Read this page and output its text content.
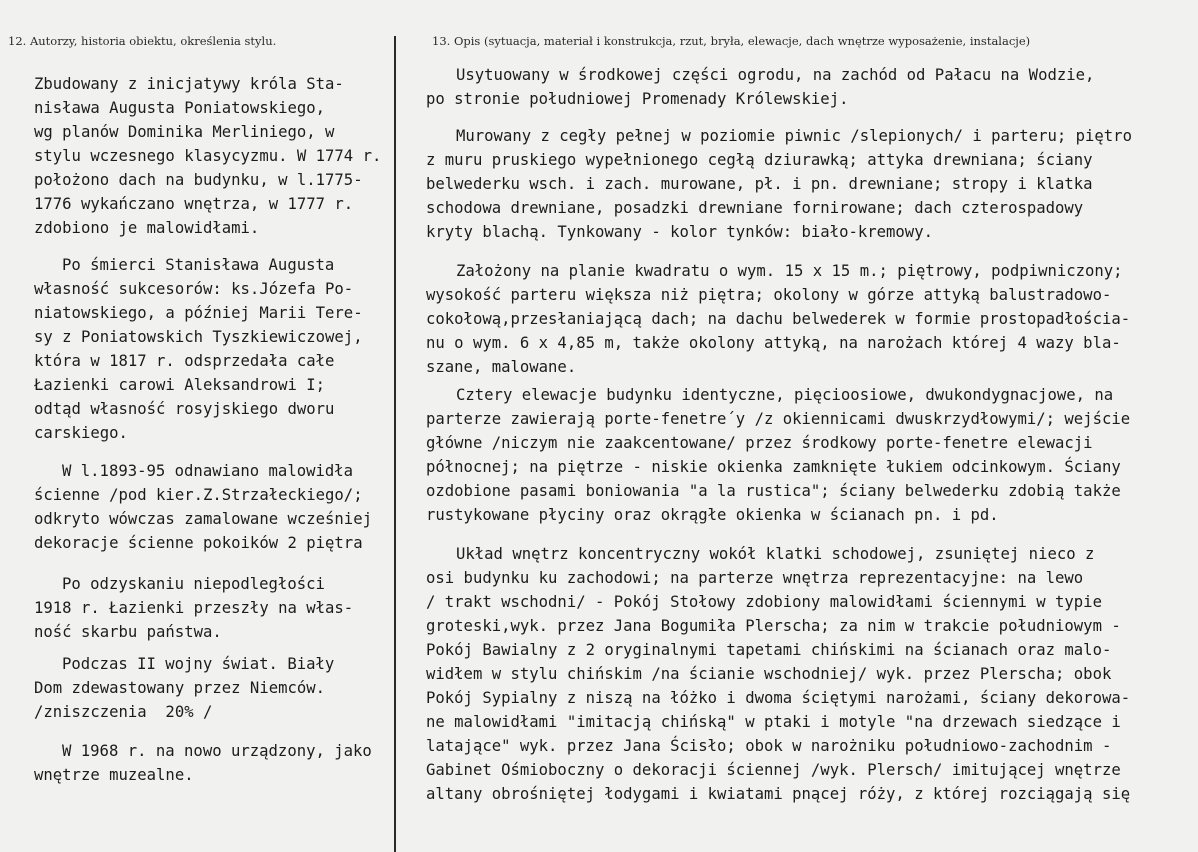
12. Autorzy, historia obiektu, określenia stylu.	13. Opis (sytuacja, materiał i konstrukcja, rzut, bryła, elewacje, dach wnętrze wyposażenie, instalacje)
Zbudowany z inicjatywy króla Sta-
nisława Augusta Poniatowskiego,
wg planów Dominika Merliniego, w
stylu wczesnego klasycyzmu. W 1774 r.
położono dach na budynku, w l.1775-
1776 wykańczano wnętrza, w 1777 r.
zdobiono je malowidłami.
Po śmierci Stanisława Augusta
własność sukcesorów: ks.Józefa Po-
niatowskiego, a później Marii Tere-
sy z Poniatowskich Tyszkiewiczowej,
która w 1817 r. odsprzedała całe
Łazienki carowi Aleksandrowi I;
odtąd własność rosyjskiego dworu
carskiego.
W l.1893-95 odnawiano malowidła
ścienne /pod kier.Z.Strzałeckiego/;
odkryto wówczas zamalowane wcześniej
dekoracje ścienne pokoików 2 piętra
Po odzyskaniu niepodległości
1918 r. Łazienki przeszły na włas-
ność skarbu państwa.
Podczas II wojny świat. Biały
Dom zdewastowany przez Niemców.
/zniszczenia  20% /
W 1968 r. na nowo urządzony, jako
wnętrze muzealne.
Usytuowany w środkowej części ogrodu, na zachód od Pałacu na Wodzie,
po stronie południowej Promenady Królewskiej.
Murowany z cegły pełnej w poziomie piwnic /slepionych/ i parteru; piętro
z muru pruskiego wypełnionego cegłą dziurawką; attyka drewniana; ściany
belwederku wsch. i zach. murowane, pł. i pn. drewniane; stropy i klatka
schodowa drewniane, posadzki drewniane fornirowane; dach czterospadowy
kryty blachą. Tynkowany - kolor tynków: biało-kremowy.
Założony na planie kwadratu o wym. 15 x 15 m.; piętrowy, podpiwniczony;
wysokość parteru większa niż piętra; okolony w górze attyką balustradowo-
cokołową,przesłaniającą dach; na dachu belwederek w formie prostopadłościa-
nu o wym. 6 x 4,85 m, także okolony attyką, na narożach której 4 wazy bla-
szane, malowane.
Cztery elewacje budynku identyczne, pięcioosiowe, dwukondygnacjowe, na
parterze zawierają porte-fenetre´y /z okiennicami dwuskrzydłowymi/; wejście
główne /niczym nie zaakcentowane/ przez środkowy porte-fenetre elewacji
północnej; na piętrze - niskie okienka zamknięte łukiem odcinkowym. Ściany
ozdobione pasami boniowania "a la rustica"; ściany belwederku zdobią także
rustykowane płyciny oraz okrągłe okienka w ścianach pn. i pd.
Układ wnętrz koncentryczny wokół klatki schodowej, zsuniętej nieco z
osi budynku ku zachodowi; na parterze wnętrza reprezentacyjne: na lewo
/ trakt wschodni/ - Pokój Stołowy zdobiony malowidłami ściennymi w typie
groteski,wyk. przez Jana Bogumiła Plerscha; za nim w trakcie południowym -
Pokój Bawialny z 2 oryginalnymi tapetami chińskimi na ścianach oraz malo-
widłem w stylu chińskim /na ścianie wschodniej/ wyk. przez Plerscha; obok
Pokój Sypialny z niszą na łóżko i dwoma ściętymi narożami, ściany dekorowa-
ne malowidłami "imitacją chińską" w ptaki i motyle "na drzewach siedzące i
latające" wyk. przez Jana Ścisło; obok w narożniku południowo-zachodnim -
Gabinet Ośmioboczny o dekoracji ściennej /wyk. Plersch/ imitującej wnętrze
altany obrośniętej łodygami i kwiatami pnącej róży, z której rozciągają się
